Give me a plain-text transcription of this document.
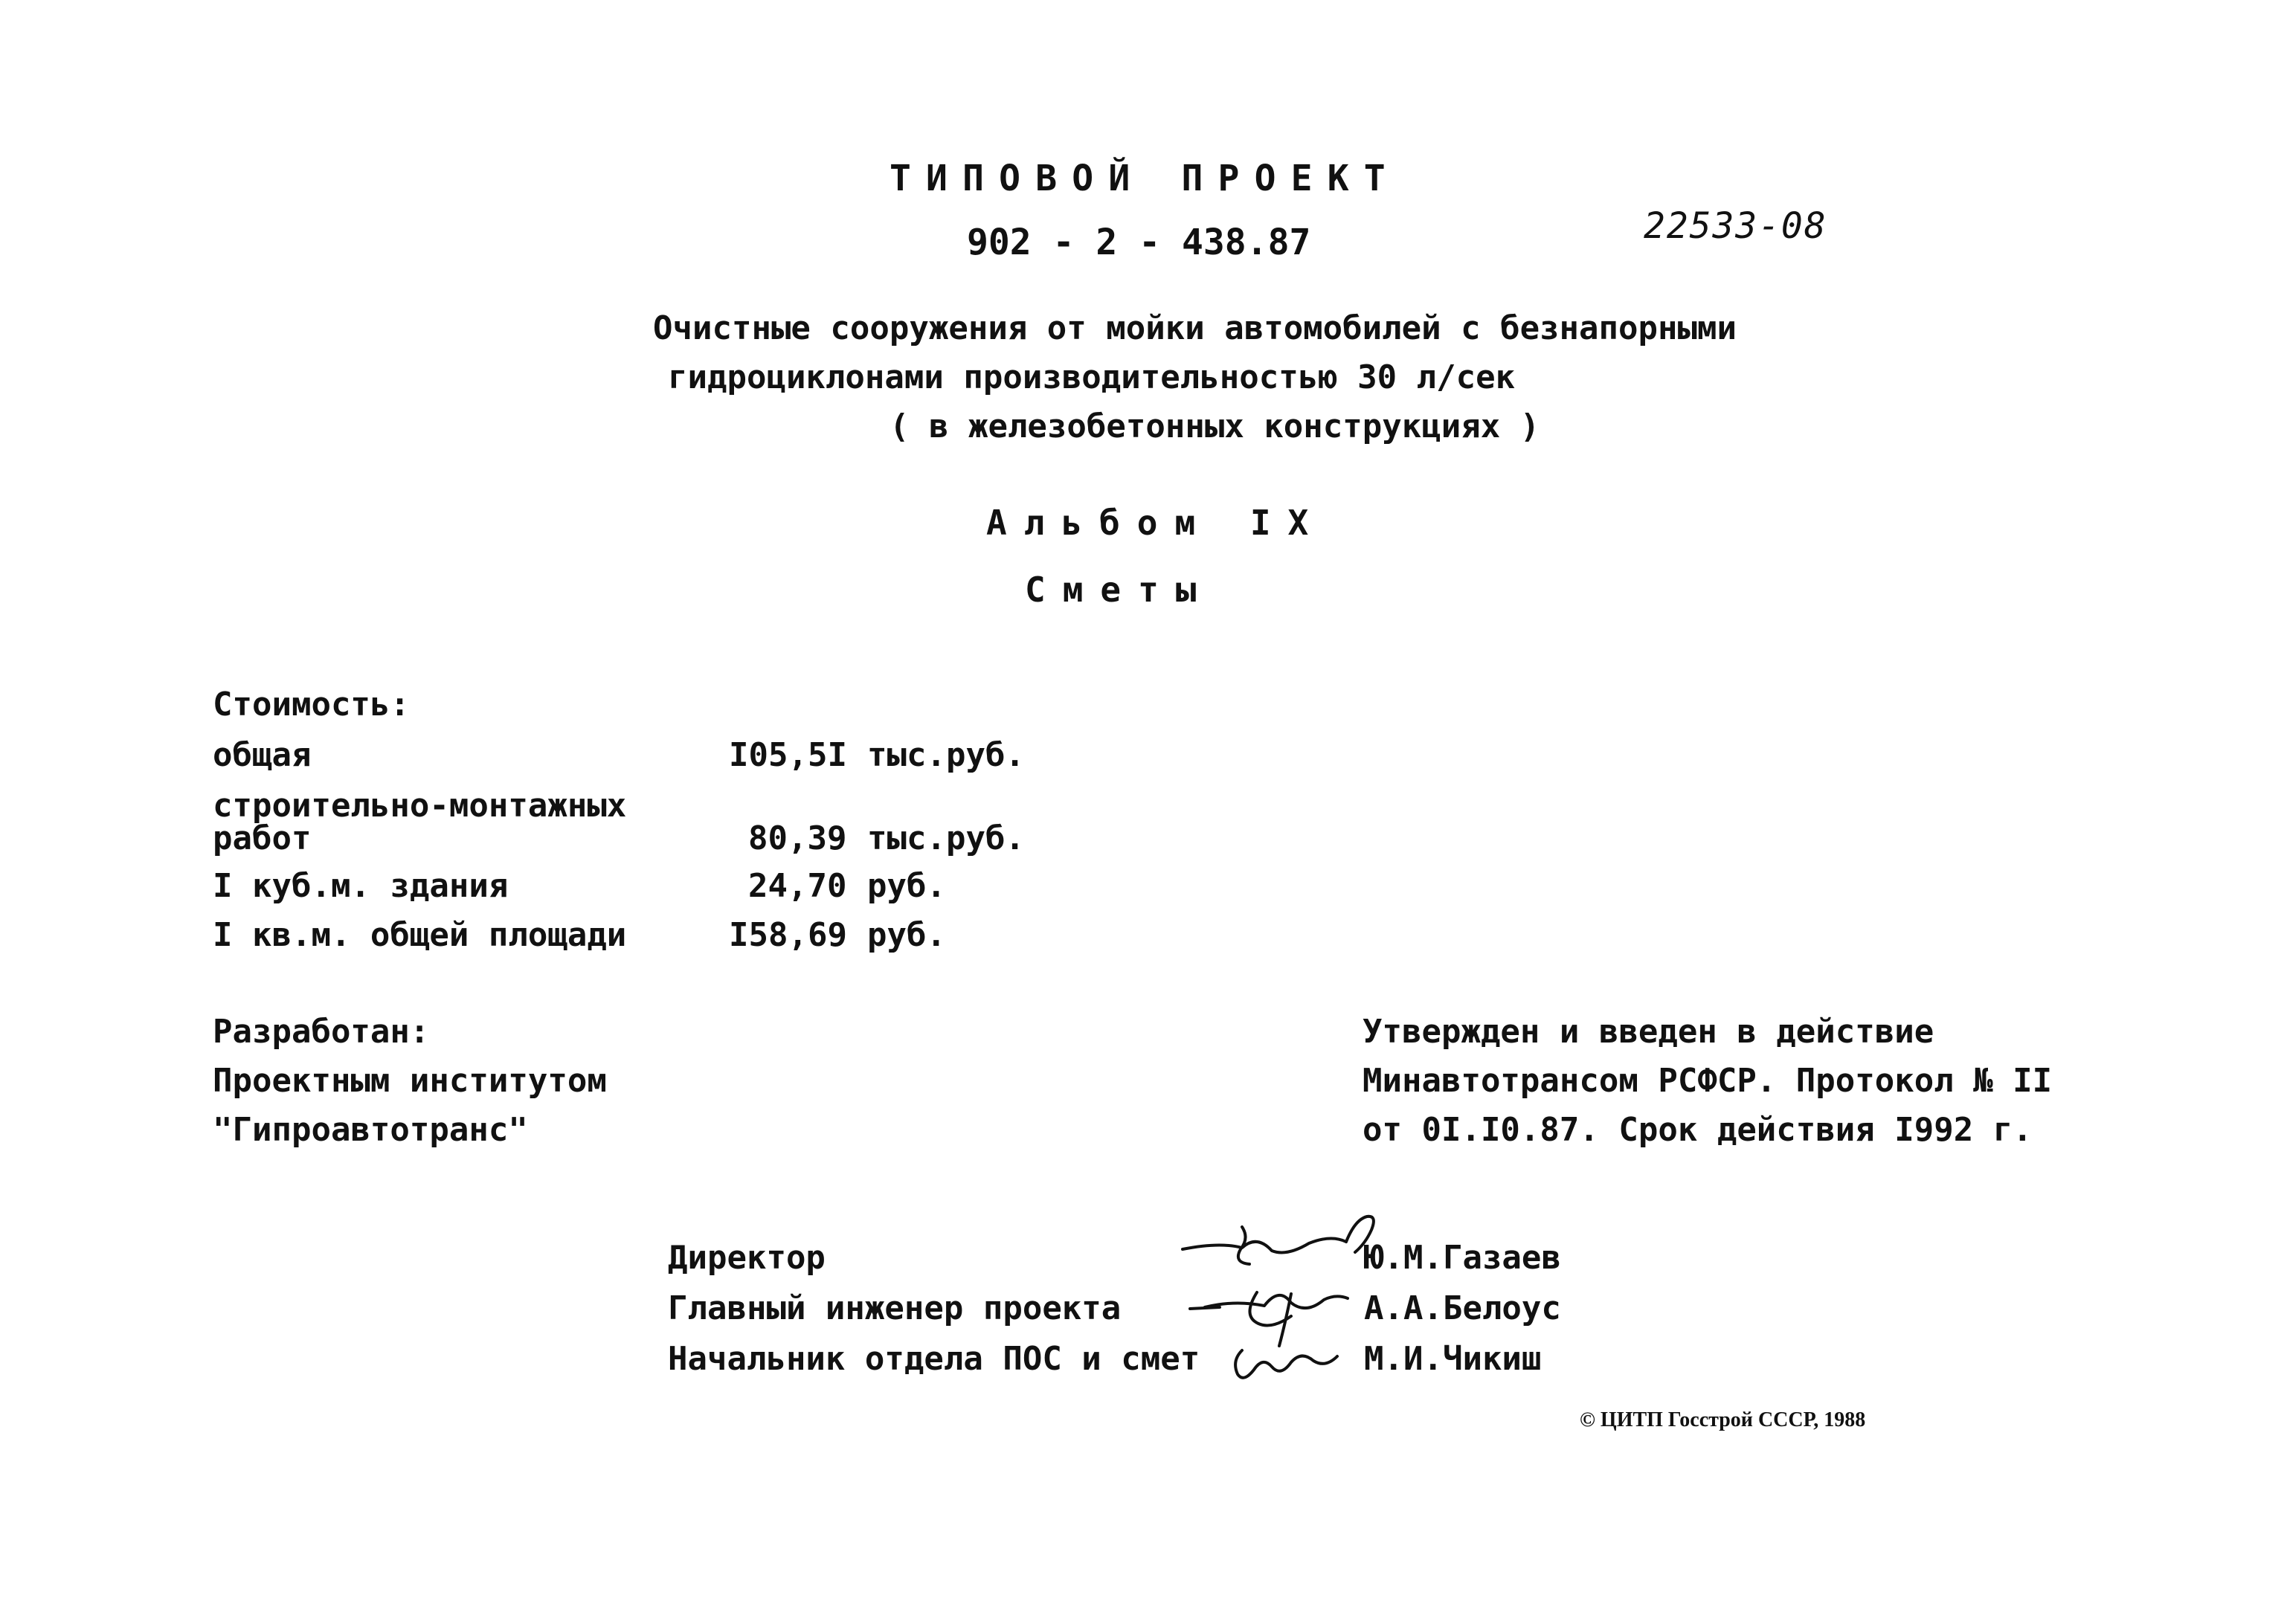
ТИПОВОЙ ПРОЕКТ
902 - 2 - 438.87	22533-08
Очистные сооружения от мойки автомобилей с безнапорными
гидроциклонами производительностью 30 л/сек
( в железобетонных конструкциях )
Альбом IX
Сметы
Стоимость:
общая	I05,5I тыс.руб.
строительно-монтажных
работ	80,39 тыс.руб.
I куб.м. здания	24,70 руб.
I кв.м. общей площади	I58,69 руб.
Разработан:
Проектным институтом
"Гипроавтотранс"
Утвержден и введен в действие
Минавтотрансом РСФСР. Протокол № II
от 0I.I0.87. Срок действия I992 г.
Директор	Ю.М.Газаев
Главный инженер проекта	А.А.Белоус
Начальник отдела ПОС и смет	М.И.Чикиш
© ЦИТП Госстрой СССР, 1988
